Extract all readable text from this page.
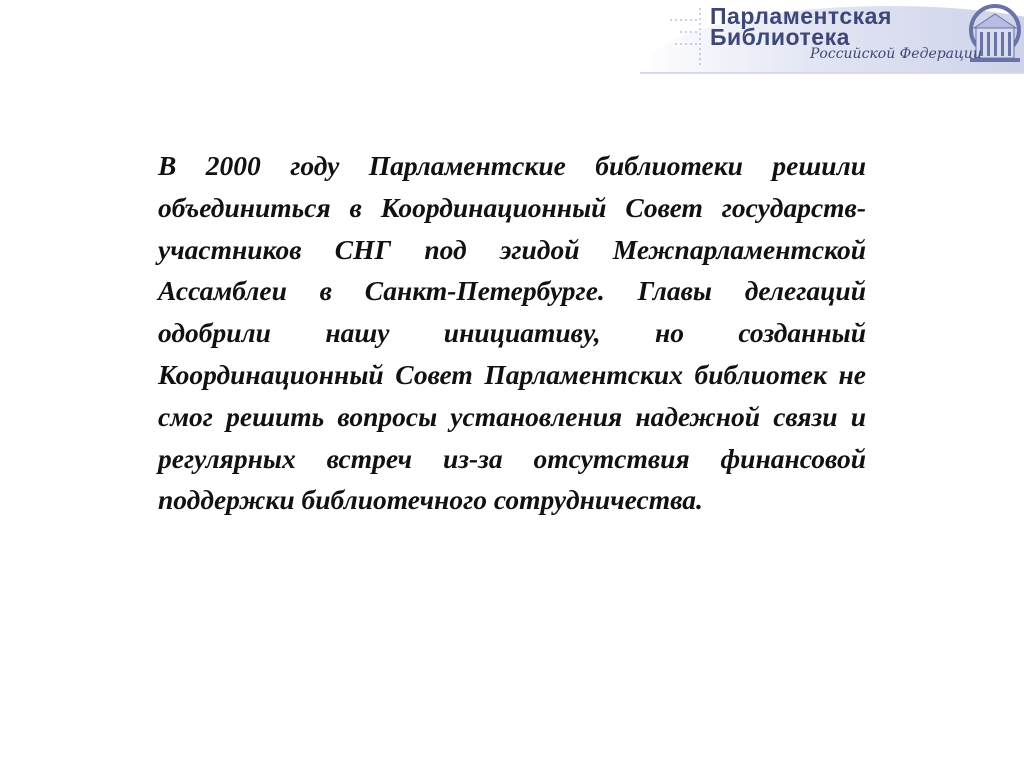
Парламентская
Библиотека
Российской Федерации

В 2000 году Парламентские библиотеки решили объединиться в Координационный Совет государств-участников СНГ под эгидой Межпарламентской Ассамблеи в Санкт-Петербурге. Главы делегаций одобрили нашу инициативу, но созданный Координационный Совет Парламентских библиотек не смог решить вопросы установления надежной связи и регулярных встреч из-за отсутствия финансовой поддержки библиотечного сотрудничества.
